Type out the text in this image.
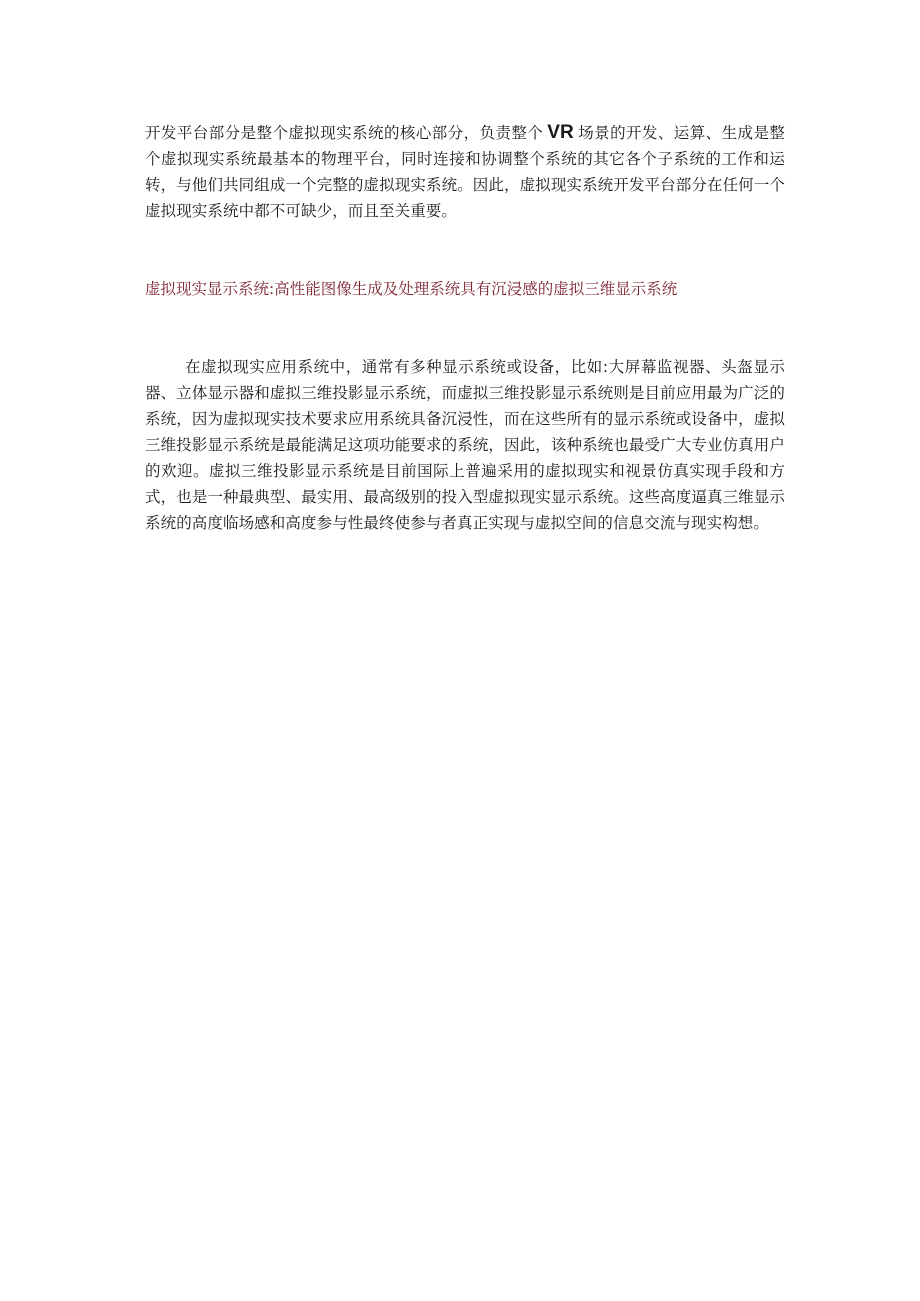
开发平台部分是整个虚拟现实系统的核心部分，负责整个 VR 场景的开发、运算、生成是整个虚拟现实系统最基本的物理平台，同时连接和协调整个系统的其它各个子系统的工作和运转，与他们共同组成一个完整的虚拟现实系统。因此，虚拟现实系统开发平台部分在任何一个虚拟现实系统中都不可缺少，而且至关重要。

虚拟现实显示系统:高性能图像生成及处理系统具有沉浸感的虚拟三维显示系统

在虚拟现实应用系统中，通常有多种显示系统或设备，比如:大屏幕监视器、头盔显示器、立体显示器和虚拟三维投影显示系统，而虚拟三维投影显示系统则是目前应用最为广泛的系统，因为虚拟现实技术要求应用系统具备沉浸性，而在这些所有的显示系统或设备中，虚拟三维投影显示系统是最能满足这项功能要求的系统，因此，该种系统也最受广大专业仿真用户的欢迎。虚拟三维投影显示系统是目前国际上普遍采用的虚拟现实和视景仿真实现手段和方式，也是一种最典型、最实用、最高级别的投入型虚拟现实显示系统。这些高度逼真三维显示系统的高度临场感和高度参与性最终使参与者真正实现与虚拟空间的信息交流与现实构想。
